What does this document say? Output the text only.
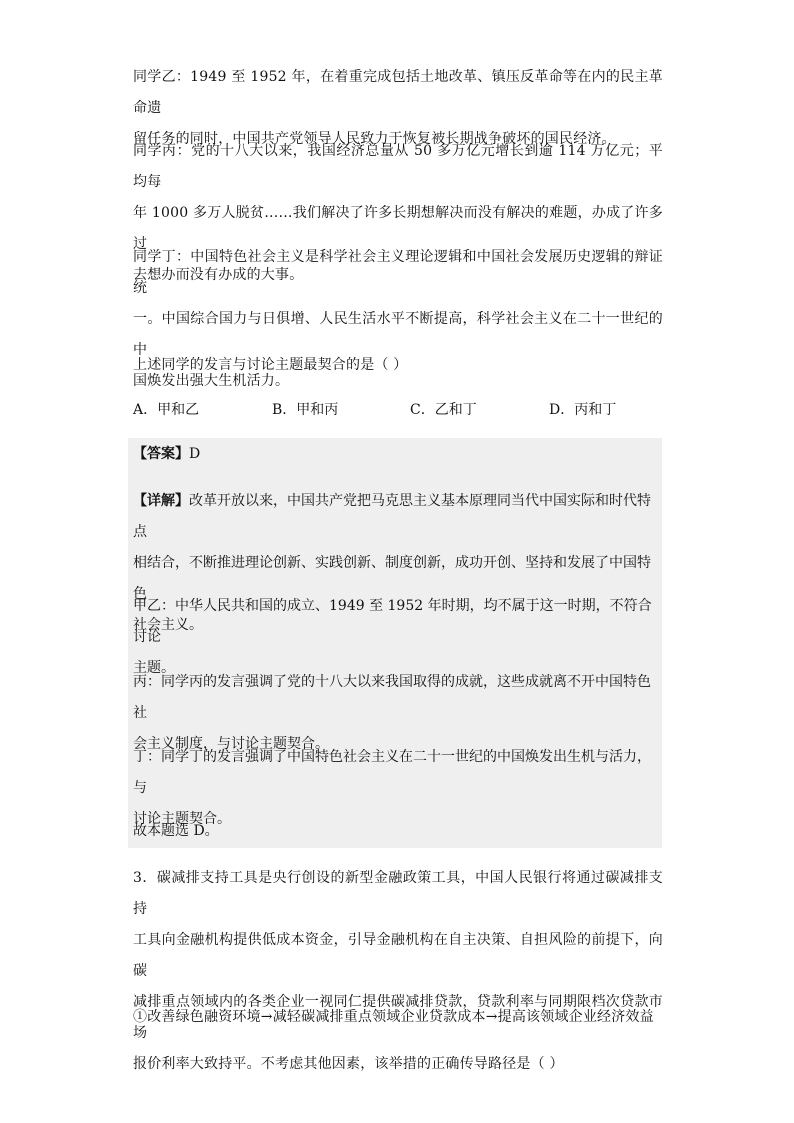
同学乙：1949 至 1952 年，在着重完成包括土地改革、镇压反革命等在内的民主革命遗

留任务的同时，中国共产党领导人民致力于恢复被长期战争破坏的国民经济。

同学丙：党的十八大以来，我国经济总量从 50 多万亿元增长到逾 114 万亿元；平均每

年 1000 多万人脱贫……我们解决了许多长期想解决而没有解决的难题，办成了许多过

去想办而没有办成的大事。

同学丁：中国特色社会主义是科学社会主义理论逻辑和中国社会发展历史逻辑的辩证统

一。中国综合国力与日俱增、人民生活水平不断提高，科学社会主义在二十一世纪的中

国焕发出强大生机活力。

上述同学的发言与讨论主题最契合的是（ ）

A．甲和乙	B．甲和丙	C．乙和丁	D．丙和丁
【答案】D

【详解】改革开放以来，中国共产党把马克思主义基本原理同当代中国实际和时代特点

相结合，不断推进理论创新、实践创新、制度创新，成功开创、坚持和发展了中国特色

社会主义。

甲乙：中华人民共和国的成立、1949 至 1952 年时期，均不属于这一时期，不符合讨论

主题。

丙：同学丙的发言强调了党的十八大以来我国取得的成就，这些成就离不开中国特色社

会主义制度，与讨论主题契合。

丁：同学丁的发言强调了中国特色社会主义在二十一世纪的中国焕发出生机与活力，与

讨论主题契合。

故本题选 D。

3．碳减排支持工具是央行创设的新型金融政策工具，中国人民银行将通过碳减排支持

工具向金融机构提供低成本资金，引导金融机构在自主决策、自担风险的前提下，向碳

减排重点领域内的各类企业一视同仁提供碳减排贷款，贷款利率与同期限档次贷款市场

报价利率大致持平。不考虑其他因素，该举措的正确传导路径是（ ）

①改善绿色融资环境→减轻碳减排重点领域企业贷款成本→提高该领域企业经济效益
